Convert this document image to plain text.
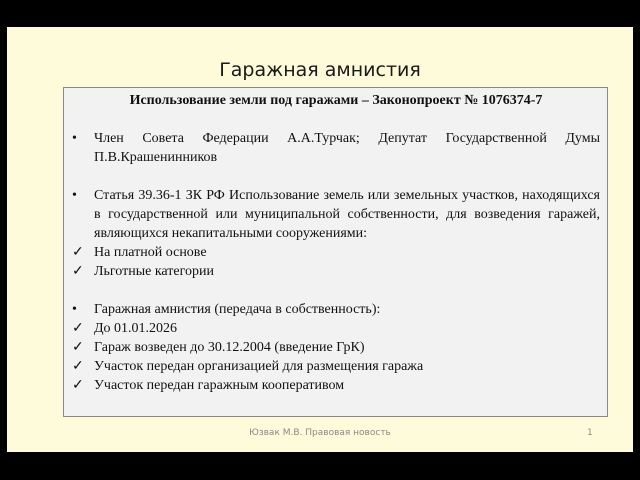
Гаражная амнистия
Использование земли под гаражами – Законопроект № 1076374-7
•	Член Совета Федерации А.А.Турчак; Депутат Государственной Думы П.В.Крашенинников
•	Статья 39.36-1 ЗК РФ Использование земель или земельных участков, находящихся в государственной или муниципальной собственности, для возведения гаражей, являющихся некапитальными сооружениями:
✓ На платной основе
✓ Льготные категории
•	Гаражная амнистия (передача в собственность):
✓ До 01.01.2026
✓ Гараж возведен до 30.12.2004 (введение ГрК)
✓ Участок передан организацией для размещения гаража
✓ Участок передан гаражным кооперативом
Юзвак М.В. Правовая новость	1
